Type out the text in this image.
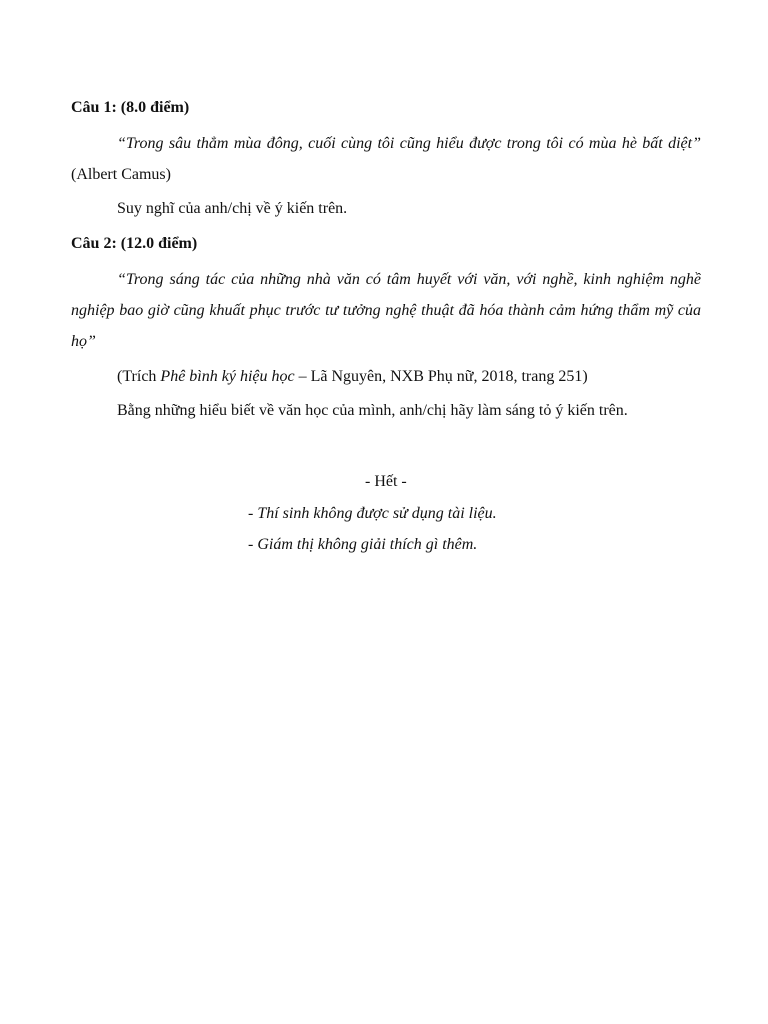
Câu 1: (8.0 điểm)
“Trong sâu thẳm mùa đông, cuối cùng tôi cũng hiểu được trong tôi có mùa hè bất diệt” (Albert Camus)
Suy nghĩ của anh/chị về ý kiến trên.
Câu 2: (12.0 điểm)
“Trong sáng tác của những nhà văn có tâm huyết với văn, với nghề, kinh nghiệm nghề nghiệp bao giờ cũng khuất phục trước tư tưởng nghệ thuật đã hóa thành cảm hứng thẩm mỹ của họ”
(Trích Phê bình ký hiệu học – Lã Nguyên, NXB Phụ nữ, 2018, trang 251)
Bằng những hiểu biết về văn học của mình, anh/chị hãy làm sáng tỏ ý kiến trên.
- Hết -
- Thí sinh không được sử dụng tài liệu.
- Giám thị không giải thích gì thêm.
